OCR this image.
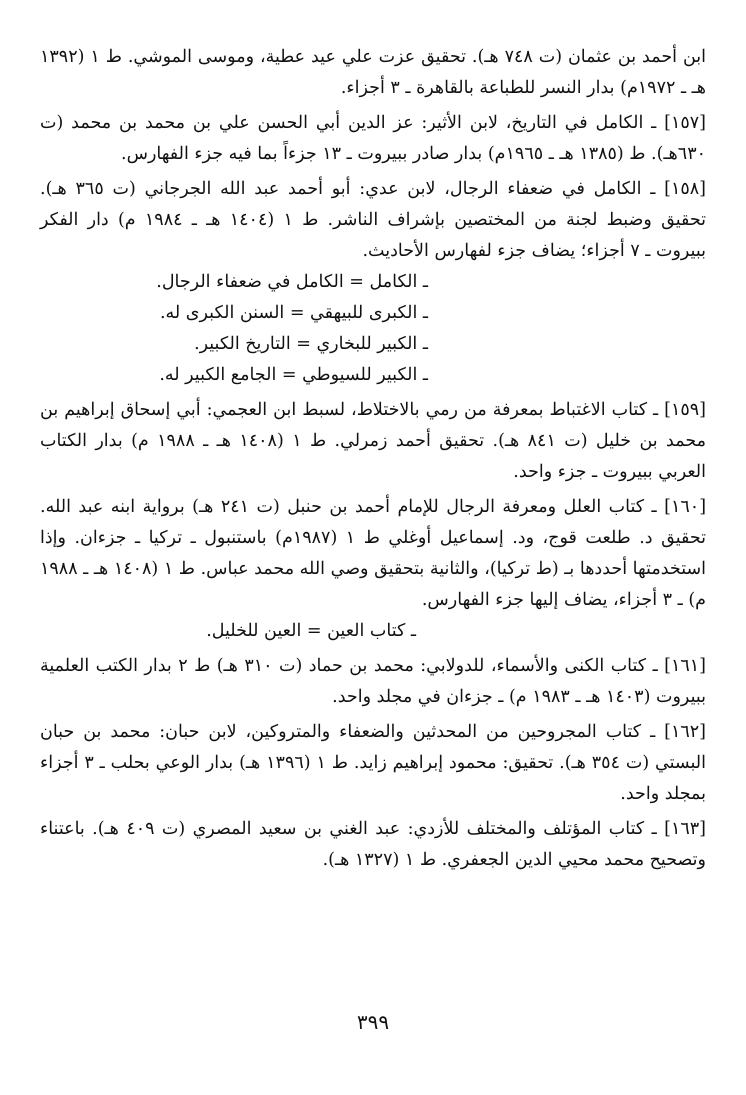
ابن أحمد بن عثمان (ت ٧٤٨ هـ). تحقيق عزت علي عيد عطية، وموسى الموشي. ط ١ (١٣٩٢ هـ ـ ١٩٧٢م) بدار النسر للطباعة بالقاهرة ـ ٣ أجزاء.

[١٥٧] ـ الكامل في التاريخ، لابن الأثير: عز الدين أبي الحسن علي بن محمد بن محمد (ت ٦٣٠هـ). ط (١٣٨٥ هـ ـ ١٩٦٥م) بدار صادر ببيروت ـ ١٣ جزءاً بما فيه جزء الفهارس.

[١٥٨] ـ الكامل في ضعفاء الرجال، لابن عدي: أبو أحمد عبد الله الجرجاني (ت ٣٦٥ هـ). تحقيق وضبط لجنة من المختصين بإشراف الناشر. ط ١ (١٤٠٤ هـ ـ ١٩٨٤ م) دار الفكر ببيروت ـ ٧ أجزاء؛ يضاف جزء لفهارس الأحاديث.

ـ الكامل = الكامل في ضعفاء الرجال.
ـ الكبرى للبيهقي = السنن الكبرى له.
ـ الكبير للبخاري = التاريخ الكبير.
ـ الكبير للسيوطي = الجامع الكبير له.

[١٥٩] ـ كتاب الاغتباط بمعرفة من رمي بالاختلاط، لسبط ابن العجمي: أبي إسحاق إبراهيم بن محمد بن خليل (ت ٨٤١ هـ). تحقيق أحمد زمرلي. ط ١ (١٤٠٨ هـ ـ ١٩٨٨ م) بدار الكتاب العربي ببيروت ـ جزء واحد.

[١٦٠] ـ كتاب العلل ومعرفة الرجال للإمام أحمد بن حنبل (ت ٢٤١ هـ) برواية ابنه عبد الله. تحقيق د. طلعت قوج، ود. إسماعيل أوغلي ط ١ (١٩٨٧م) باستنبول ـ تركيا ـ جزءان. وإذا استخدمتها أحددها بـ (ط تركيا)، والثانية بتحقيق وصي الله محمد عباس. ط ١ (١٤٠٨ هـ ـ ١٩٨٨ م) ـ ٣ أجزاء، يضاف إليها جزء الفهارس.

ـ كتاب العين = العين للخليل.

[١٦١] ـ كتاب الكنى والأسماء، للدولابي: محمد بن حماد (ت ٣١٠ هـ) ط ٢ بدار الكتب العلمية ببيروت (١٤٠٣ هـ ـ ١٩٨٣ م) ـ جزءان في مجلد واحد.

[١٦٢] ـ كتاب المجروحين من المحدثين والضعفاء والمتروكين، لابن حبان: محمد بن حبان البستي (ت ٣٥٤ هـ). تحقيق: محمود إبراهيم زايد. ط ١ (١٣٩٦ هـ) بدار الوعي بحلب ـ ٣ أجزاء بمجلد واحد.

[١٦٣] ـ كتاب المؤتلف والمختلف للأزدي: عبد الغني بن سعيد المصري (ت ٤٠٩ هـ). باعتناء وتصحيح محمد محيي الدين الجعفري. ط ١ (١٣٢٧ هـ).

٣٩٩
